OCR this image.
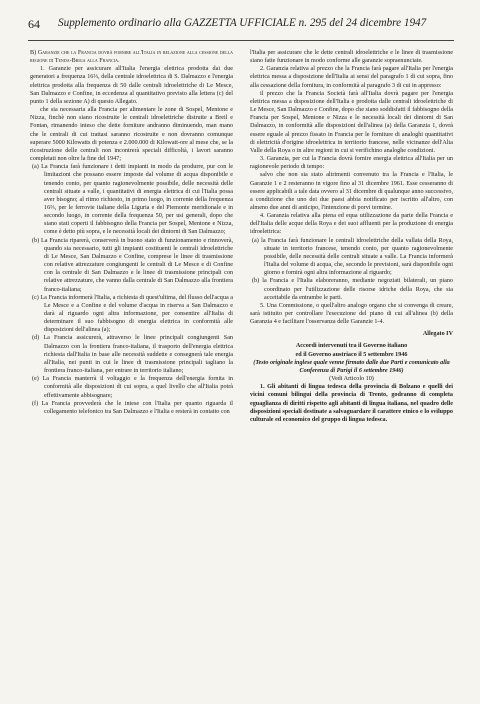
64 Supplemento ordinario alla GAZZETTA UFFICIALE n. 295 del 24 dicembre 1947

B) Garanzie che la Francia dovrà fornire all'Italia in relazione alla cessione della regione di Tenda-Briga alla Francia.

1. Garanzie per assicurare all'Italia l'energia elettrica prodotta dai due generatori a frequenza 16⅔, della centrale idroelettrica di S. Dalmazzo e l'energia elettrica prodotta alla frequenza di 50 dalle centrali idroelettriche di Le Mesce, San Dalmazzo e Confine, in eccedenza al quantitativo previsto alla lettera (c) del punto 1 della sezione A) di questo Allegato.

che sia necessaria alla Francia per alimentare le zone di Sospel, Mentone e Nizza, finchè non siano ricostruite le centrali idroelettriche distrutte a Breil e Fontan, rimanendo inteso che dette forniture andranno diminuendo, man mano che le centrali di cui trattasi saranno ricostruite e non dovranno comunque superare 5000 Kilowatts di potenza e 2.000.000 di Kilowatt-ore al mese che, se la ricostruzione delle centrali non incontrerà speciali difficoltà, i lavori saranno completati non oltre la fine del 1947;

(a) La Francia farà funzionare i detti impianti in modo da produrre, pur con le limitazioni che possano essere imposte dal volume di acqua disponibile e tenendo conto, per quanto ragionevolmente possibile, delle necessità delle centrali situate a valle, i quantitativi di energia elettrica di cui l'Italia possa aver bisogno; al ritmo richiesto, in primo luogo, in corrente della frequenza 16⅔, per le ferrovie italiane della Liguria e del Piemonte meridionale e in secondo luogo, in corrente della frequenza 50, per usi generali, dopo che siano stati coperti il fabbisogno della Francia per Sospel, Mentone e Nizza, come è detto più sopra, e le necessità locali dei dintorni di San Dalmazzo;

(b) La Francia riparerà, conserverà in buono stato di funzionamento e rinnoverà, quando sia necessario, tutti gli impianti costituenti le centrali idroelettriche di Le Mesce, San Dalmazzo e Confine, comprese le linee di trasmissione con relative attrezzature congiungenti le centrali di Le Mesce e di Confine con la centrale di San Dalmazzo e le linee di trasmissione principali con relative attrezzature, che vanno dalla centrale di San Dalmazzo alla frontiera franco-italiana;

(c) La Francia informerà l'Italia, a richiesta di quest'ultima, del flusso dell'acqua a Le Mesce e a Confine e del volume d'acqua in riserva a San Dalmazzo e darà al riguardo ogni altra informazione, per consentire all'Italia di determinare il suo fabbisogno di energia elettrica in conformità alle disposizioni dell'alinea (a);

(d) La Francia assicurerà, attraverso le linee principali congiungenti San Dalmazzo con la frontiera franco-italiana, il trasporto dell'energia elettrica richiesta dall'Italia in base alle necessità suddette e consegnerà tale energia all'Italia, nei punti in cui le linee di trasmissione principali tagliano la frontiera franco-italiana, per entrare in territorio italiano;

(e) La Francia manterrà il voltaggio e la frequenza dell'energia fornita in conformità alle disposizioni di cui sopra, a quel livello che all'Italia potrà effettivamente abbisognare;

(f) La Francia provvederà che le intese con l'Italia per quanto riguarda il collegamento telefonico tra San Dalmazzo e l'Italia e resterà in contatto con

l'Italia per assicurare che le dette centrali idroelettriche e le linee di trasmissione siano fatte funzionare in modo conforme alle garanzie sopraenunciate.

2. Garanzia relativa al prezzo che la Francia farà pagare all'Italia per l'energia elettrica messa a disposizione dell'Italia ai sensi del paragrafo 1 di cui sopra, fino alla cessazione della fornitura, in conformità al paragrafo 3 di cui in appresso:

il prezzo che la Francia Società farà all'Italia dovrà pagare per l'energia elettrica messa a disposizione dell'Italia e prodotta dalle centrali idroelettriche di Le Mesce, San Dalmazzo e Confine, dopo che siano soddisfatti il fabbisogno della Francia per Sospel, Mentone e Nizza e le necessità locali dei dintorni di San Dalmazzo, in conformità alle disposizioni dell'alinea (a) della Garanzia 1, dovrà essere eguale al prezzo fissato in Francia per le forniture di analoghi quantitativi di elettricità d'origine idroelettrica in territorio francese, nelle vicinanze dell'Alta Valle della Roya o in altre regioni in cui si verifichino analoghe condizioni.

3. Garanzia, per cui la Francia dovrà fornire energia elettrica all'Italia per un ragionevole periodo di tempo:

salvo che non sia stato altrimenti convenuto tra la Francia e l'Italia, le Garanzie 1 e 2 resteranno in vigore fino al 31 dicembre 1961. Esse cesseranno di essere applicabili a tale data ovvero al 31 dicembre di qualunque anno successivo, a condizione che uno dei due paesi abbia notificato per iscritto all'altro, con almeno due anni di anticipo, l'intenzione di porvi termine.

4. Garanzia relativa alla piena ed equa utilizzazione da parte della Francia e dell'Italia delle acque della Roya e dei suoi affluenti per la produzione di energia idroelettrica:

(a) la Francia farà funzionare le centrali idroelettriche della vallata della Roya, situate in territorio francese, tenendo conto, per quanto ragionevolmente possibile, delle necessità delle centrali situate a valle. La Francia informerà l'Italia del volume di acqua, che, secondo le previsioni, sarà disponibile ogni giorno e fornirà ogni altra informazione al riguardo;

(b) la Francia e l'Italia elaboreranno, mediante negoziati bilaterali, un piano coordinato per l'utilizzazione delle risorse idriche della Roya, che sia accettabile da entrambe le parti.

5. Una Commissione, o quell'altro analogo organo che si convenga di creare, sarà istituito per controllare l'esecuzione del piano di cui all'alinea (b) della Garanzia 4 e facilitare l'osservanza delle Garanzie 1-4.

Allegato IV

Accordi intervenuti tra il Governo italiano

ed il Governo austriaco il 5 settembre 1946

(Testo originale inglese quale venne firmato dalle due Parti e comunicato alla Conferenza di Parigi il 6 settembre 1946)

(Vedi Articolo 10)

1. Gli abitanti di lingua tedesca della provincia di Bolzano e quelli dei vicini comuni bilingui della provincia di Trento, godranno di completa eguaglianza di diritti rispetto agli abitanti di lingua italiana, nel quadro delle disposizioni speciali destinate a salvaguardare il carattere etnico e lo sviluppo culturale ed economico del gruppo di lingua tedesca.
